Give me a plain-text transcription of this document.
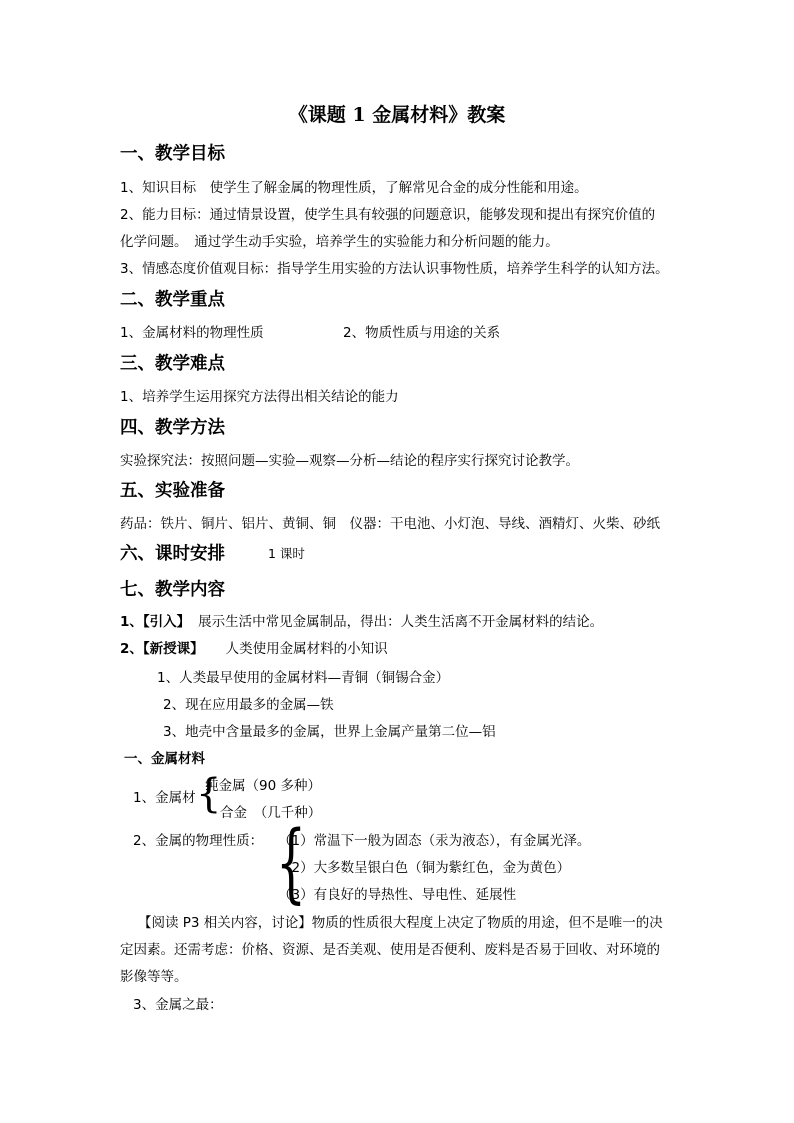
《课题 1 金属材料》教案
一、教学目标
1、知识目标　使学生了解金属的物理性质，了解常见合金的成分性能和用途。
2、能力目标：通过情景设置，使学生具有较强的问题意识，能够发现和提出有探究价值的
化学问题。　通过学生动手实验，培养学生的实验能力和分析问题的能力。
3、情感态度价值观目标：指导学生用实验的方法认识事物性质，培养学生科学的认知方法。
二、教学重点
1、金属材料的物理性质	2、物质性质与用途的关系
三、教学难点
1、培养学生运用探究方法得出相关结论的能力
四、教学方法
实验探究法：按照问题—实验—观察—分析—结论的程序实行探究讨论教学。
五、实验准备
药品：铁片、铜片、铝片、黄铜、铜　仪器：干电池、小灯泡、导线、酒精灯、火柴、砂纸
六、课时安排	1 课时
七、教学内容
1、【引入】 展示生活中常见金属制品，得出：人类生活离不开金属材料的结论。
2、【新授课】 人类使用金属材料的小知识
1、人类最早使用的金属材料—青铜（铜锡合金）
2、现在应用最多的金属—铁
3、地壳中含量最多的金属，世界上金属产量第二位—铝
一、金属材料
1、金属材 {
纯金属（90 多种）
合金　（几千种）
2、金属的物理性质： {
（1）常温下一般为固态（汞为液态），有金属光泽。
（2）大多数呈银白色（铜为紫红色，金为黄色）
（3）有良好的导热性、导电性、延展性
【阅读 P3 相关内容，讨论】物质的性质很大程度上决定了物质的用途，但不是唯一的决
定因素。还需考虑：价格、资源、是否美观、使用是否便利、废料是否易于回收、对环境的
影像等等。
3、金属之最：
